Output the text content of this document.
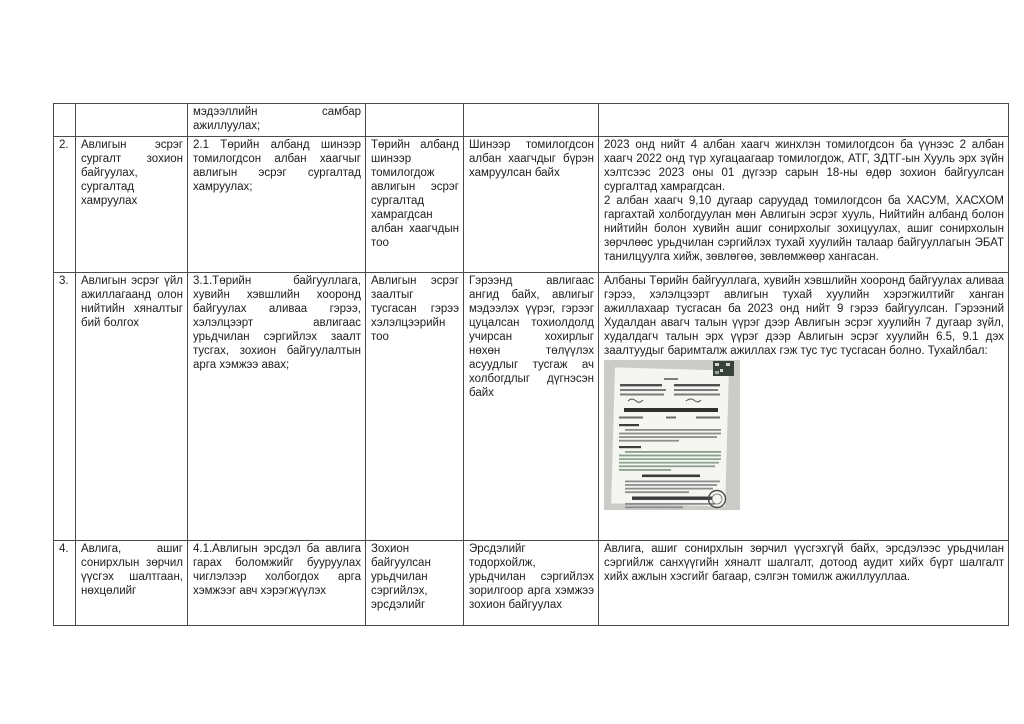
		мэдээллийн самбар ажиллуулах;			

2.	Авлигын эсрэг сургалт зохион байгуулах, сургалтад хамруулах	2.1 Төрийн албанд шинээр томилогдсон албан хаагчыг авлигын эсрэг сургалтад хамруулах;	Төрийн албанд шинээр томилогдож авлигын эсрэг сургалтад хамрагдсан албан хаагчдын тоо	Шинээр томилогдсон албан хаагчдыг бүрэн хамруулсан байх	2023 онд нийт 4 албан хаагч жинхлэн томилогдсон ба үүнээс 2 албан хаагч 2022 онд түр хугацаагаар томилогдож, АТГ, ЗДТГ-ын Хууль эрх зүйн хэлтсээс 2023 оны 01 дүгээр сарын 18-ны өдөр зохион байгуулсан сургалтад хамрагдсан.
2 албан хаагч 9,10 дугаар саруудад томилогдсон ба ХАСУМ, ХАСХОМ гаргахтай холбогдуулан мөн Авлигын эсрэг хууль, Нийтийн албанд болон нийтийн болон хувийн ашиг сонирхолыг зохицуулах, ашиг сонирхолын зөрчлөөс урьдчилан сэргийлэх тухай хуулийн талаар байгууллагын ЭБАТ танилцуулга хийж, зөвлөгөө, зөвлөмжөөр хангасан.

3.	Авлигын эсрэг үйл ажиллагаанд олон нийтийн хяналтыг бий болгох	3.1.Төрийн байгууллага, хувийн хэвшлийн хооронд байгуулах аливаа гэрээ, хэлэлцээрт авлигаас урьдчилан сэргийлэх заалт тусгах, зохион байгуулалтын арга хэмжээ авах;	Авлигын эсрэг заалтыг тусгасан гэрээ хэлэлцээрийн тоо	Гэрээнд авлигаас ангид байх, авлигыг мэдээлэх үүрэг, гэрээг цуцалсан тохиолдолд учирсан хохирлыг нөхөн төлүүлэх асуудлыг тусгаж ач холбогдлыг дүгнэсэн байх	Албаны Төрийн байгууллага, хувийн хэвшлийн хооронд байгуулах аливаа гэрээ, хэлэлцээрт авлигын тухай хуулийн хэрэгжилтийг ханган ажиллахаар тусгасан ба 2023 онд нийт 9 гэрээ байгуулсан. Гэрээний Худалдан авагч талын үүрэг дээр Авлигын эсрэг хуулийн 7 дугаар зүйл, худалдагч талын эрх үүрэг дээр Авлигын эсрэг хуулийн 6.5, 9.1 дэх заалтуудыг баримталж ажиллах гэж тус тус тусгасан болно. Тухайлбал:

4.	Авлига, ашиг сонирхлын зөрчил үүсгэх шалтгаан, нөхцөлийг	4.1.Авлигын эрсдэл ба авлига гарах боломжийг бууруулах чиглэлээр холбогдох арга хэмжээг авч хэрэгжүүлэх	Зохион байгуулсан урьдчилан сэргийлэх, эрсдэлийг	Эрсдэлийг тодорхойлж, урьдчилан сэргийлэх зорилгоор арга хэмжээ зохион байгуулах	Авлига, ашиг сонирхлын зөрчил үүсгэхгүй байх, эрсдэлээс урьдчилан сэргийлж санхүүгийн хяналт шалгалт, дотоод аудит хийх бүрт шалгалт хийх ажлын хэсгийг багаар, сэлгэн томилж ажиллууллаа.
